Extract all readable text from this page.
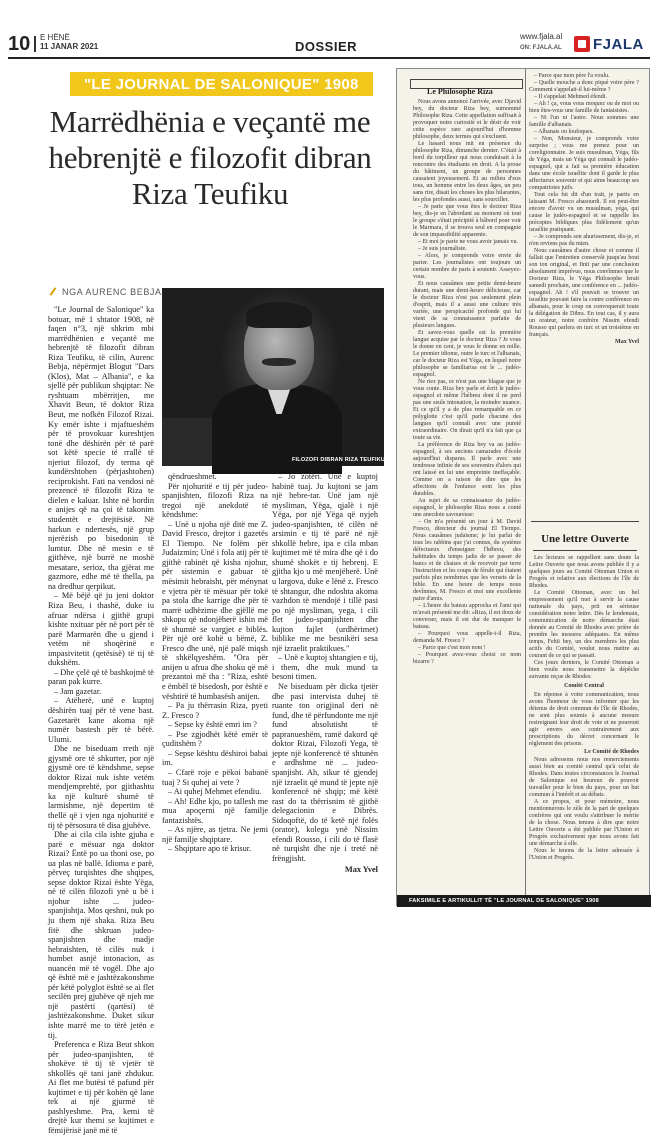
10 E HËNË
11 JANAR 2021	DOSSIER
www.fjala.al
ON: FJALA.AL FJALA
"LE JOURNAL DE SALONIQUE" 1908
Marrëdhënia e veçantë me hebrenjtë e filozofit dibran Riza Teufiku
NGA AURENC BEBJA
FILOZOFI DIBRAN RIZA TEUFIKU

"Le Journal de Salonique" ka botuar, më 1 shtator 1908, në faqen n°3, një shkrim mbi marrëdhënien e veçantë me hebrenjtë të filozofit dibran Riza Teufiku, të cilin, Aurenc Bebja, nëpërmjet Blogut "Dars (Klos), Mat – Albania", e ka sjellë për publikun shqiptar: Ne ryshtuam mbërritjen, me Xhavit Beun, të doktor Riza Beut, me nofkën Filozof Rizai. Ky emër ishte i mjaftueshëm për të provokuar kureshtjen tonë dhe dëshirën për të parë sot këtë specie të rrallë të njeriut filozof, dy terma që kundërshtohen (përjashtohen) reciprokisht. Fati na vendosi në prezencë të filozofit Riza te dielen e kaluar. Ishte në bordin e anijes që na çoi të takonim studentët e drejtësisë. Në harkun e ndertesës, një grup njerëzish po bisedonin të lumtur. Dhe në mesin e të gjithëve, një burrë ne moshë mesatare, serioz, tha gjërat me gazmore, edhe më të thella, pa na dredhur qerpikut.

– Më bëjë që ju jeni doktor Riza Beu, i thashë, duke iu afruar ndërsa i gjithë grupi kishte nxituar për në port për të parë Marmarën dhe u gjend i vetëm në shoqërinë e impasivitetit (qetësisë) të tij të dukshëm.

– Dhe çelë që të bashkojmë të paran pak kurre.

– Jam gazetar.

– Atëherë, unë e kuptoj dëshirën tuaj për të vene bast. Gazetarët kane akoma një numër bastesh për të bërë. Ulumi.

Dhe ne biseduam rreth një gjysmë ore të shkurter, por një gjysmë ore të këndshme, sepse doktor Rizai nuk ishte vetëm mendjemprehtë, por gjithashtu ka një kulturë shumë të larmishme, një depertim të thellë që i vjen nga njohuritë e tij të përsosura të disa gjuhëve.

Dhe ai cila cila ishte gjuha e parë e mësuar nga doktor Rizai? Ëntë po ua thoni ose, po ua plas në ballë. Idioma e parë, përveç turqishtes dhe shqipes, sepse doktor Rizai ështe Yëga, në të cilën filozofi ynë u bë i njohur ishte ... judeo-spanjishtja. Mos qeshni, nuk po ju them një shaka. Riza Beu fitë dhe shkruan judeo-spanjishten dhe madje hebraishten, të cilës nuk i humbet asnjë intonacion, as nuancën më të vogël. Dhe ajo që është më e jashtëzakonshme për këtë polyglot është se ai flet secilën prej gjuhëve që njeh me një pastërti (qartësi) të jashtëzakonshme. Duket sikur ishte marrë me to tërë jetën e tij.

Preferenca e Riza Beut shkon për judeo-spanjishten, të shokëve të tij të vjetër të shkollës që tani janë zhdukur. Ai flet me butësi të pafund për kujtimet e tij për kohën që lane tek ai një gjurmë të pashlyeshme. Pra, kemi të drejtë kur themi se kujtimet e fëmijërisë janë më të

qëndrueshmet.

Për njohuritë e tij për judeo-spanjishten, filozofi Riza na tregoi një anekdotë të këndshme:

– Unë u njoha një ditë me Z. David Fresco, drejtor i gazetës El Tiempo. Ne folëm për Judaizmin; Unë i fola atij për të gjithë rabinët që kisha njohur, për sistemin e gabuar të mësimit hebraisht, për ménynat e vjetra për të mësuar për tokë pa stola dhe karrige dhe për të marrë udhëzime dhe gjëllë me shkopu që ndonjëherë ishin më të shumtë se vargjet e biblës. Për një orë kohë u bëmë, Z. Fresco dhe unë, një palë miqsh të shkëlqyeshëm. "Ora për anijen u afrua dhe shoku që më prezantoi më tha : "Riza, eshtë e ëmbël të bisedosh, por është e vështirë të humbasësh anijen.

– Pa ju thërrasin Riza, pyeti Z. Fresco ?

– Sepse ky është emri im ?

– Pse zgjodhët këtë emër të çuditshëm ?

– Sepse kështu dëshiroi babai im.

– Cfarë roje e pëkoi babanë tuaj ? Si quhej ai vete ?

– Ai quhej Mehmet efendiu.

– Ah! Edhe kjo, po tallesh me mua apoçerni një familje fantazishtës.

– As njëre, as tjetra. Ne jemi një familje shqiptare.

– Shqiptare apo të krisur.

– Jo zotëri. Unë e kuptoj habinë tuaj. Ju kujtoni se jam një hebre-tar. Unë jam një mysliman, Yëga, qjalë i një Yëga, por një Yëga që nyjeh judeo-spanjishten, të cilën në arsimin e tij të parë në një shkollë hebre, ipa e cila mban kujtimet më të mira dhe që i do shumë shokët e tij hebrenj. E gjitha kjo u më menjëherë. Unë u largova, duke e lënë z. Fresco të shtangur, dhe ndoshta akoma vazhdon të mendojë i tillë pasi po një mysliman, yega, i cili flet judeo-spanjishten dhe kujton fajlet (urdhërimet) biblike me me besnikëri sesa një izraelit praktikues."

– Unë e kuptoj shtangien e tij, i them, dhe muk mund ta besoni timen.

Ne biseduam për dicka tjetër dhe pasi intervista duhej të ruante ton origjinal deri në fund, dhe të përfundonte me një fund absolutisht të papranueshëm, ramë dakord që doktor Rizai, Filozofi Yega, të jepte një konferencë të shtunën e ardhshme në ... judeo-spanjisht. Ah, sikur të gjendej një izraelit që mund të jepte një konferencë në shqip; më këtë rast do ta thërrisnim të gjithë delegacionin e Dibrës. Sidoqoftë, do të ketë një folës (orator), kolegu ynë Nissim efendi Rousso, i cili do të flasë në turqisht dhe nje i treté në frëngjisht.

Max Yvel
Le Philosophe Riza

Nous avons annoncé l'arrivée, avec Djavid bey, du docteur Riza bey, surnommé Philosophe Riza. Cette appellation suffisait à provoquer notre curiosité et le désir de voir cette espèce rare aujourd'hui d'homme philosophe, deux termes qui s'excluent.

Le hasard nous mit en présence du philosophe Riza, dimanche dernier. C'était à bord du torpilleur qui nous conduisait à la rencontre des étudiants en droit. A la proue du bâtiment, un groupe de personnes causaient joyeusement. Et au milieu d'eux tous, un homme entre les deux âges, un peu sans rire, disait les choses les plus hilarantes, les plus profondes aussi, sans sourciller.

– Je parie que vous êtes le docteur Riza bey, dis-je en l'abordant au moment où tout le groupe s'était précipité à bâbord pour voir le Marmara, il se trouva seul en compagnie de son impassibilité apparente.

– Et moi je parie ne vous avoir jamais vu.

– Je suis journaliste.

– Alors, je comprends votre envie de parier. Les journalistes ont toujours un certain nombre de paris à soutenir. Asseyez-vous.

Et nous causâmes une petite demi-heure durant, mais une demi-heure délicieuse, car le docteur Riza n'est pas seulement plein d'esprit, mais il a aussi une culture très variée, une perspicacité profonde qui lui vient de sa connaissance parfaite de plusieurs langues.

Et savez-vous quelle est la première langue acquise par le docteur Riza ? Je vous le donne en cent, je vous le donne en mille. Le premier idiome, outre le turc et l'albanais, car le docteur Riza est Yéga, en lequel notre philosophe se familiarisa est le ... judéo-espagnol.

Ne riez pas, ce n'est pas une blague que je vous conte. Riza bey parle et écrit le judéo-espagnol et même l'hébreu dont il ne perd pas une seule intonation, la moindre nuance. Et ce qu'il y a de plus remarquable en ce polyglotte c'est qu'il parle chacune des langues qu'il connaît avec une pureté extraordinaire. On dirait qu'il n'a fait que ça toute sa vie.

La préférence de Riza bey va au judéo-espagnol, à ses anciens camarades d'école aujourd'hui disparus. Il parle avec une tendresse infinie de ses souvenirs d'alors qui ont laissé en lui une empreinte ineffaçable. Comme on a raison de dire que les affections de l'enfance sont les plus durables.

Au sujet de sa connaissance du judéo-espagnol, le philosophe Riza nous a conté une anecdote savoureuse:

– On m'a présenté un jour à M. David Fresco, directeur du journal El Tiempo. Nous causâmes judaïsme; je lui parlai de tous les rabbins que j'ai connus, du système défectueux d'enseigner l'hébreu, des habitudes du temps jadis de se passer de bancs et de chaises et de recevoir par terre l'instruction et les coups de férule qui étaient parfois plus nombreux que les versets de la bible. En une heure de temps nous devînmes, M. Fresco et moi une excellente paire d'amis.

– L'heure du bateau approcha et l'ami qui m'avait présenté me dit: «Riza, il est doux de converser, mais il est dur de manquer le bateau.

– Pourquoi vous appelle-t-il Riza, demanda M. Fresco ?

– Parce que c'est mon nom !

– Pourquoi avez-vous choisi ce nom bizarre ?

– Parce que mon père l'a voulu.

– Quelle mouche a donc piqué votre père ? Comment s'appelait-il lui-même ?

– Il s'appelait Mehmed éfendi.

– Ah ! ça, vous vous moquez ou de moi ou bien êtes-vous une famille de fantaisistes.

– Ni l'un ni l'autre. Nous sommes une famille d'albanais.

– Albanais ou loufoques.

– Non, Monsieur, je comprends votre surprise ; vous me prenez pour un coreligionnaire. Je suis musulman, Yéga, fils de Yéga, mais un Yéga qui connaît le judéo-espagnol, qui a fait sa première éducation dans une école israélite dont il garde le plus affectueux souvenir et qui aime beaucoup ses compatriotes juifs.

Tout cela fut dit d'un trait, je partis en laissant M. Fresco abasourdi. Il est peut-être encore d'avoir vu un musulman, yéga, qui cause le judéo-espagnol et se rappelle les préceptes bibliques plus fidèlement qu'un israélite pratiquant.

– Je comprends son ahurissement, dis-je, et n'en reviens pas du mien.

Nous causâmes d'autre chose et comme il fallait que l'entretien conservât jusqu'au bout son ton original, et finit par une conclusion absolument imprévue, nous convînmes que le Docteur Riza, le Yéga Philosophe ferait samedi prochain, une conférence en ... judéo-espagnol. Ah ! s'il pouvait se trouver un israélite pouvant faire la contre conférence en albanais, pour le coup on convoquerait toute la délégation de Dibra. En tout cas, il y aura un orateur, notre confrère Nissim efendi Rousso qui parlera en turc et un troisième en français.

Max Yvel
Une lettre Ouverte

Les lecteurs se rappellent sans doute la Lettre Ouverte que nous avons publiée il y a quelques jours au Comité Ottoman Union et Progrès et relative aux élections de l'île de Rhodes.

Le Comité Ottoman, avec un bel empressement qu'il met à servir la cause nationale du pays, prit en sérieuse considération notre lettre. Dès le lendemain, communication de notre démarche était donnée au Comité de Rhodes avec prière de prendre les mesures adéquates. En même temps, Fehïi bey, un des membres les plus actifs du Comité, voulut nous mettre au courant de ce qui se passait.

Ces jours derniers, le Comité Ottoman a bien voulu nous transmettre la dépêche suivante reçue de Rhodes:

Comité Central

En réponse à votre communication, nous avons l'honneur de vous informer que les détenus de droit commun de l'île de Rhodes, ne sont plus soumis à aucune mesure restreignant leur droit de vote et ne pourront agir envers aux contrairement aux prescriptions du décret concernant le règlement des prisons.

Le Comité de Rhodes

Nous adressons nous nos remerciements aussi bien au comité central qu'à celui de Rhodes. Dans toutes circonstances le Journal de Salonique est heureux de pouvoir travailler pour le bien du pays, pour un but commun à l'intérêt et au débats.

A ce propos, et pour mémoire, nous mentionnerons le zèle de la part de quelques confrères qui ont voulu s'attribuer le mérite de la chose. Nous tenons à dire que notre Lettre Ouverte a été publiée par l'Union et Progrès exclusivement que nous avons fait une démarche à elle.

Nous le tenons de la lettre adressée à l'Union et Progrès.

FAKSIMILE E ARTIKULLIT TË "LE JOURNAL DE SALONIQUE" 1908
